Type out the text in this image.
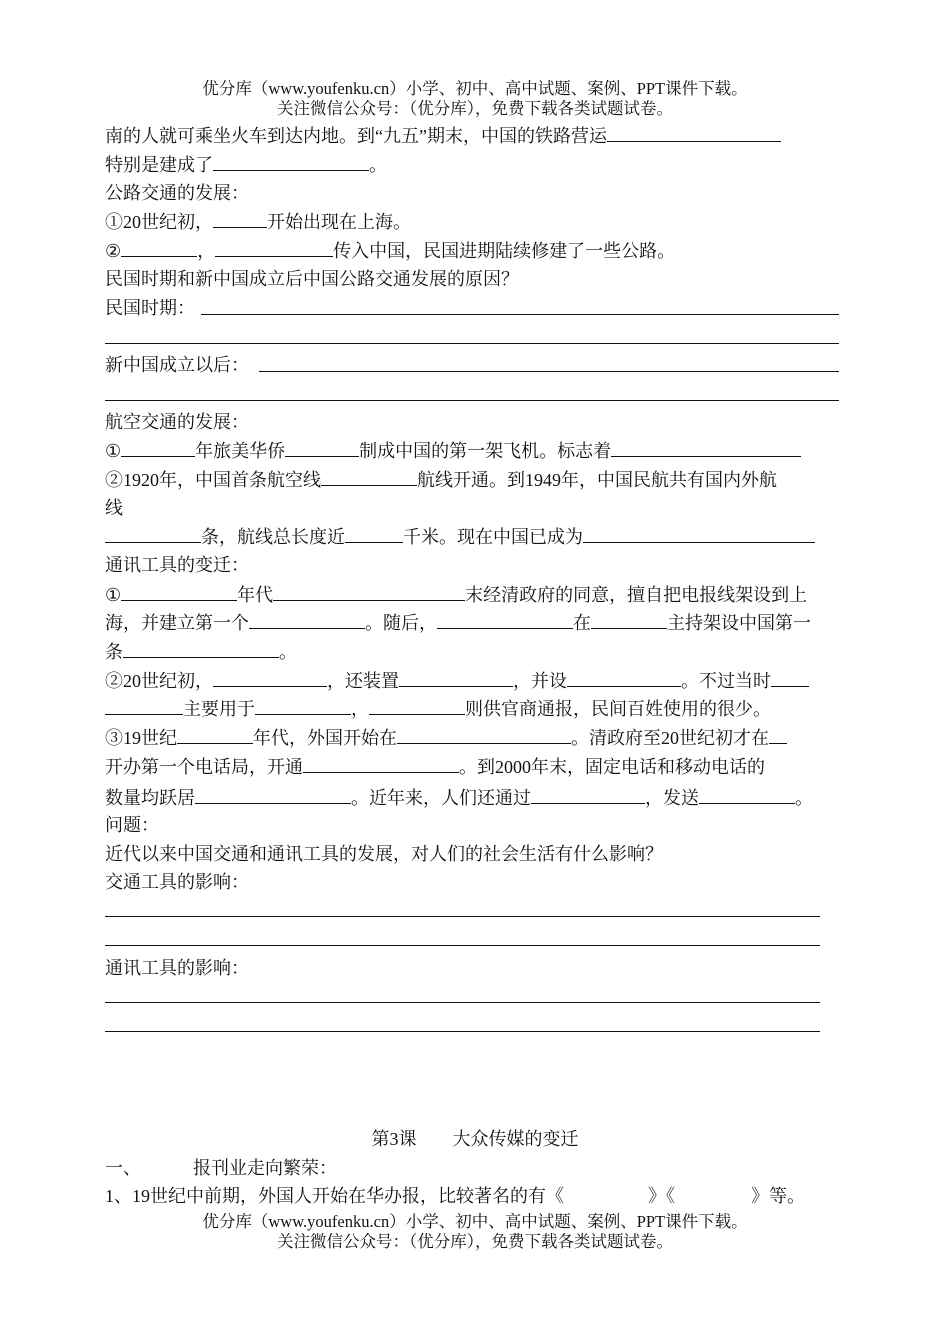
优分库（www.youfenku.cn）小学、初中、高中试题、案例、PPT课件下载。
关注微信公众号：（优分库），免费下载各类试题试卷。
南的人就可乘坐火车到达内地。到“九五”期末，中国的铁路营运
特别是建成了	。
公路交通的发展：
①20世纪初，	开始出现在上海。
②	，	传入中国，民国进期陆续修建了一些公路。
民国时期和新中国成立后中国公路交通发展的原因？
民国时期：
新中国成立以后：
航空交通的发展：
①	年旅美华侨	制成中国的第一架飞机。标志着
②1920年，中国首条航空线	航线开通。到1949年，中国民航共有国内外航
线
条，航线总长度近	千米。现在中国已成为
通讯工具的变迁：
①	年代	末经清政府的同意，擅自把电报线架设到上
海，并建立第一个	。随后，	在	主持架设中国第一
条	。
②20世纪初，	，还装置	，并设	。不过当时
主要用于	，	则供官商通报，民间百姓使用的很少。
③19世纪	年代，外国开始在	。清政府至20世纪初才在
开办第一个电话局，开通	。到2000年末，固定电话和移动电话的
数量均跃居	。近年来，人们还通过	，发送	。
问题：
近代以来中国交通和通讯工具的发展，对人们的社会生活有什么影响？
交通工具的影响：
通讯工具的影响：
第3课　　大众传媒的变迁
一、	报刊业走向繁荣：
1、19世纪中前期，外国人开始在华办报，比较著名的有《	》《	》等。
优分库（www.youfenku.cn）小学、初中、高中试题、案例、PPT课件下载。
关注微信公众号：（优分库），免费下载各类试题试卷。
